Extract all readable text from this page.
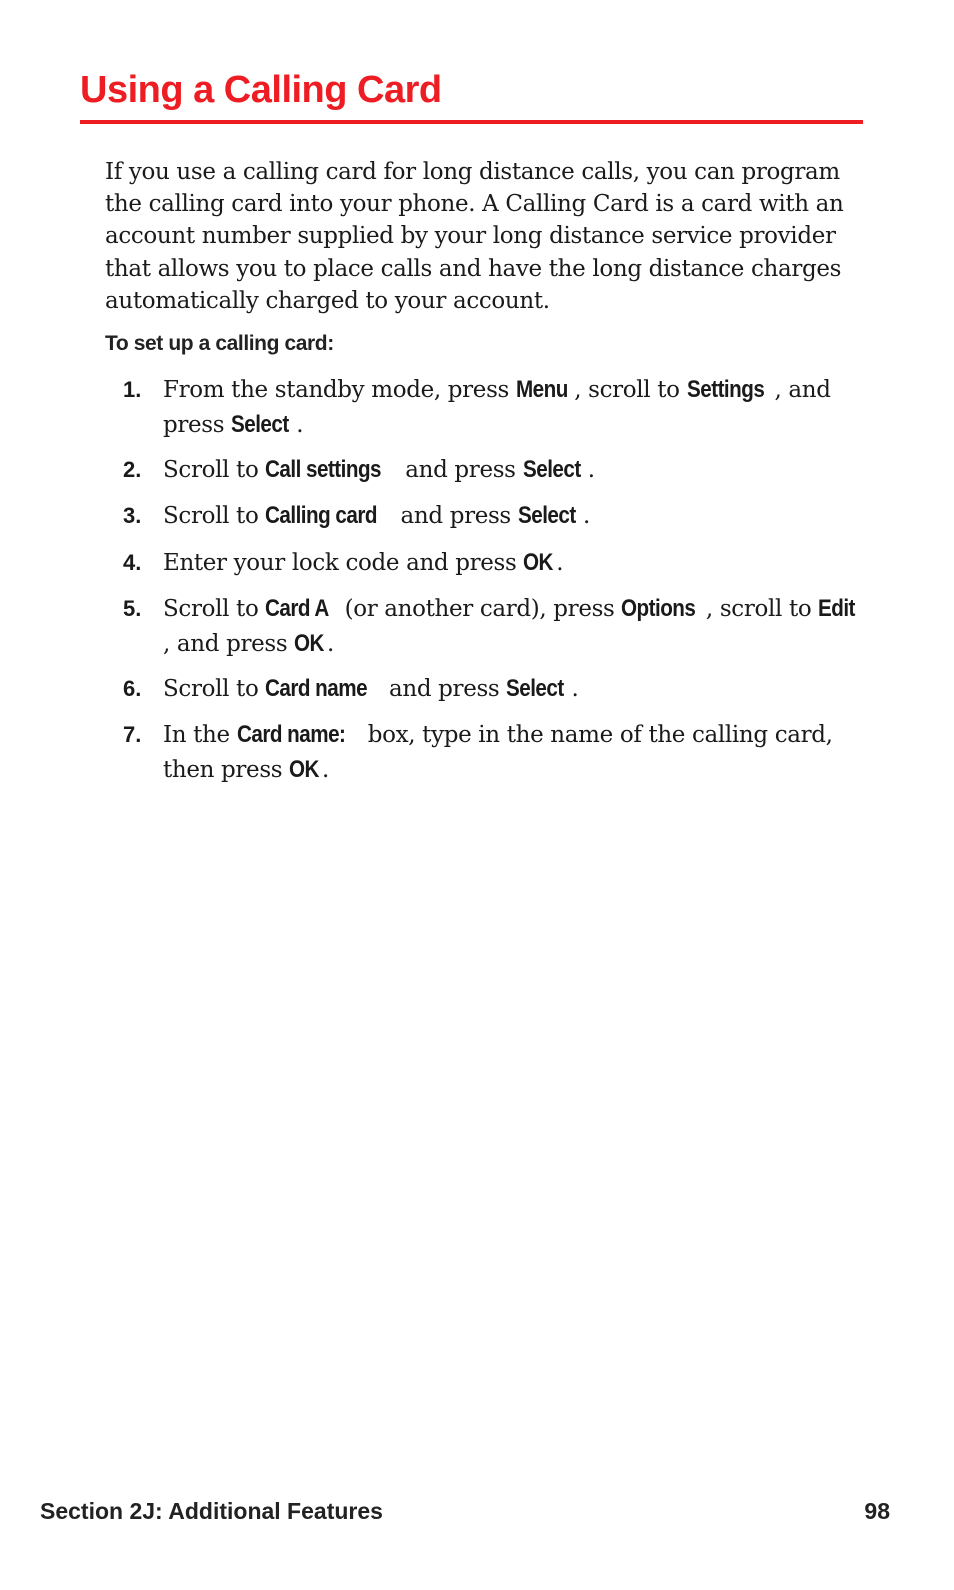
Using a Calling Card

If you use a calling card for long distance calls, you can program the calling card into your phone. A Calling Card is a card with an account number supplied by your long distance service provider that allows you to place calls and have the long distance charges automatically charged to your account.

To set up a calling card:

1. From the standby mode, press Menu , scroll to Settings , and press Select .
2. Scroll to Call settings and press Select .
3. Scroll to Calling card and press Select .
4. Enter your lock code and press OK .
5. Scroll to Card A (or another card), press Options , scroll to Edit, and press OK .
6. Scroll to Card name and press Select .
7. In the Card name: box, type in the name of the calling card, then press OK .

Section 2J: Additional Features	98
